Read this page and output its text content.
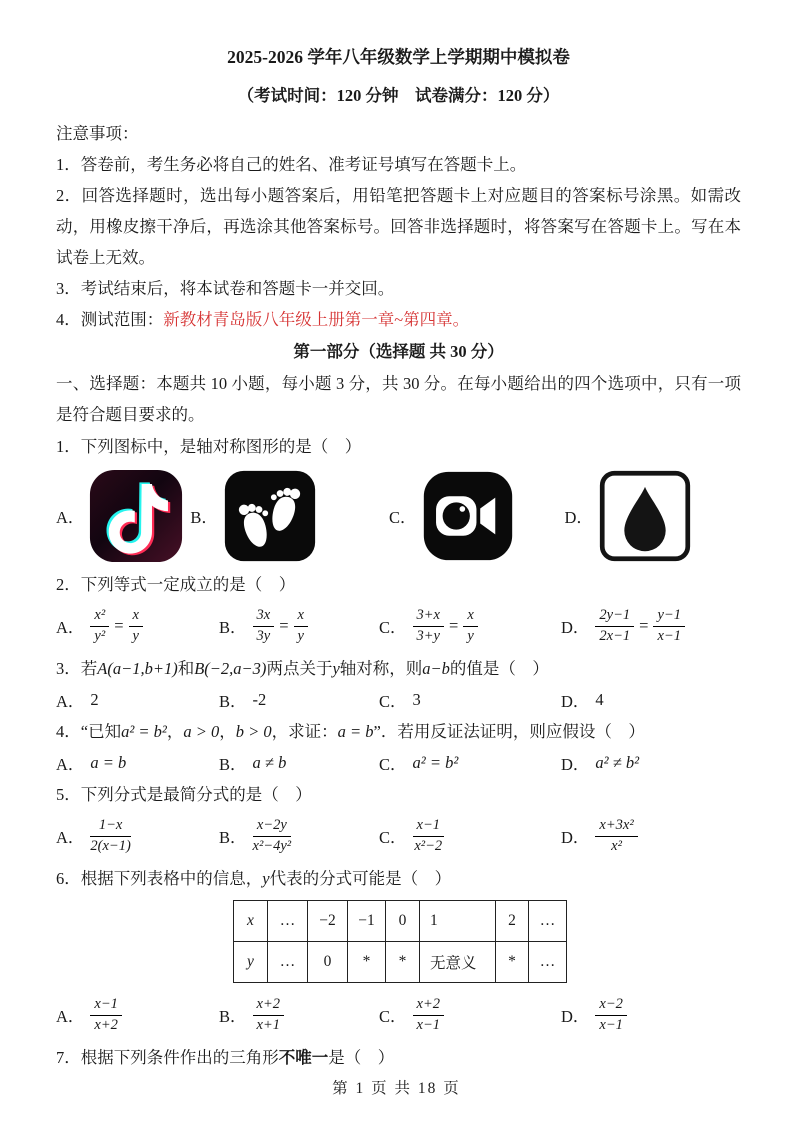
2025-2026 学年八年级数学上学期期中模拟卷
（考试时间：120 分钟　试卷满分：120 分）
注意事项：
1．答卷前，考生务必将自己的姓名、准考证号填写在答题卡上。
2．回答选择题时，选出每小题答案后，用铅笔把答题卡上对应题目的答案标号涂黑。如需改动，用橡皮擦干净后，再选涂其他答案标号。回答非选择题时，将答案写在答题卡上。写在本试卷上无效。
3．考试结束后，将本试卷和答题卡一并交回。
4．测试范围：新教材青岛版八年级上册第一章~第四章。
第一部分（选择题 共 30 分）
一、选择题：本题共 10 小题，每小题 3 分，共 30 分。在每小题给出的四个选项中，只有一项是符合题目要求的。
1．下列图标中，是轴对称图形的是（　）
A．	B．	C．	D．
2．下列等式一定成立的是（　）
A． $\frac{\text{x²}}{\text{y²}} = \frac{x}{y}$	B． $\frac{3x}{3y} = \frac{x}{y}$	C． $\frac{3+x}{3+y} = \frac{x}{y}$	D． $\frac{2y-1}{2x-1} = \frac{y-1}{x-1}$
3．若A(a−1,b+1)和B(−2,a−3)两点关于y轴对称，则a−b的值是（　）
A． 2	B． -2	C． 3	D． 4
4．“已知a² = b²，a > 0，b > 0，求证：a = b”．若用反证法证明，则应假设（　）
A． a = b	B． a ≠ b	C． a² = b²	D． a² ≠ b²
5．下列分式是最简分式的是（　）
A． $\frac{1-x}{2(x-1)}$	B． $\frac{x-2y}{\text{x²−4y²}}$	C． $\frac{x-1}{\text{x²−2}}$	D． $\frac{\text{x+3x²}}{\text{x²}}$
6．根据下列表格中的信息，y代表的分式可能是（　）
x	…	−2	−1	0	1	2	…
y	…	0	*	*	无意义	*	…
A． $\frac{x-1}{x+2}$	B． $\frac{x+2}{x+1}$	C． $\frac{x+2}{x-1}$	D． $\frac{x-2}{x-1}$
7．根据下列条件作出的三角形不唯一是（　）
第 1 页 共 18 页
